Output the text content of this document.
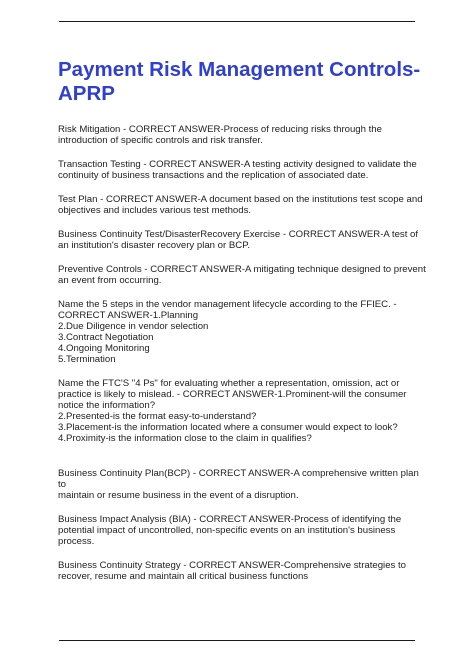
Payment Risk Management Controls-APRP

Risk Mitigation - CORRECT ANSWER-Process of reducing risks through the
introduction of specific controls and risk transfer.

Transaction Testing - CORRECT ANSWER-A testing activity designed to validate the
continuity of business transactions and the replication of associated date.

Test Plan - CORRECT ANSWER-A document based on the institutions test scope and
objectives and includes various test methods.

Business Continuity Test/DisasterRecovery Exercise - CORRECT ANSWER-A test of
an institution's disaster recovery plan or BCP.

Preventive Controls - CORRECT ANSWER-A mitigating technique designed to prevent
an event from occurring.

Name the 5 steps in the vendor management lifecycle according to the FFIEC. -
CORRECT ANSWER-1.Planning
2.Due Diligence in vendor selection
3.Contract Negotiation
4.Ongoing Monitoring
5.Termination

Name the FTC'S "4 Ps" for evaluating whether a representation, omission, act or
practice is likely to mislead. - CORRECT ANSWER-1.Prominent-will the consumer
notice the information?
2.Presented-is the format easy-to-understand?
3.Placement-is the information located where a consumer would expect to look?
4.Proximity-is the information close to the claim in qualifies?

Business Continuity Plan(BCP) - CORRECT ANSWER-A comprehensive written plan to
maintain or resume business in the event of a disruption.

Business Impact Analysis (BIA) - CORRECT ANSWER-Process of identifying the
potential impact of uncontrolled, non-specific events on an institution's business
process.

Business Continuity Strategy - CORRECT ANSWER-Comprehensive strategies to
recover, resume and maintain all critical business functions
